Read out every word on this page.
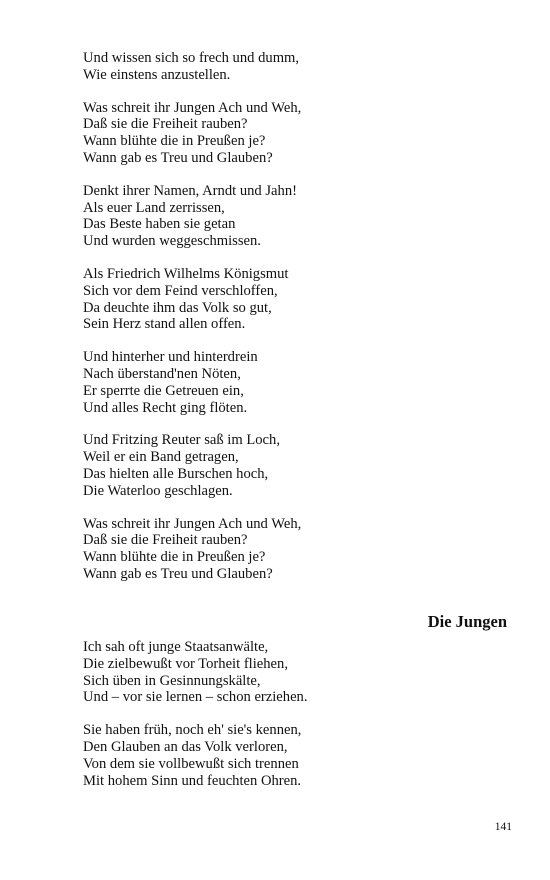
Und wissen sich so frech und dumm,
Wie einstens anzustellen.
Was schreit ihr Jungen Ach und Weh,
Daß sie die Freiheit rauben?
Wann blühte die in Preußen je?
Wann gab es Treu und Glauben?
Denkt ihrer Namen, Arndt und Jahn!
Als euer Land zerrissen,
Das Beste haben sie getan
Und wurden weggeschmissen.
Als Friedrich Wilhelms Königsmut
Sich vor dem Feind verschloffen,
Da deuchte ihm das Volk so gut,
Sein Herz stand allen offen.
Und hinterher und hinterdrein
Nach überstand'nen Nöten,
Er sperrte die Getreuen ein,
Und alles Recht ging flöten.
Und Fritzing Reuter saß im Loch,
Weil er ein Band getragen,
Das hielten alle Burschen hoch,
Die Waterloo geschlagen.
Was schreit ihr Jungen Ach und Weh,
Daß sie die Freiheit rauben?
Wann blühte die in Preußen je?
Wann gab es Treu und Glauben?
Die Jungen
Ich sah oft junge Staatsanwälte,
Die zielbewußt vor Torheit fliehen,
Sich üben in Gesinnungskälte,
Und – vor sie lernen – schon erziehen.
Sie haben früh, noch eh' sie's kennen,
Den Glauben an das Volk verloren,
Von dem sie vollbewußt sich trennen
Mit hohem Sinn und feuchten Ohren.
141
